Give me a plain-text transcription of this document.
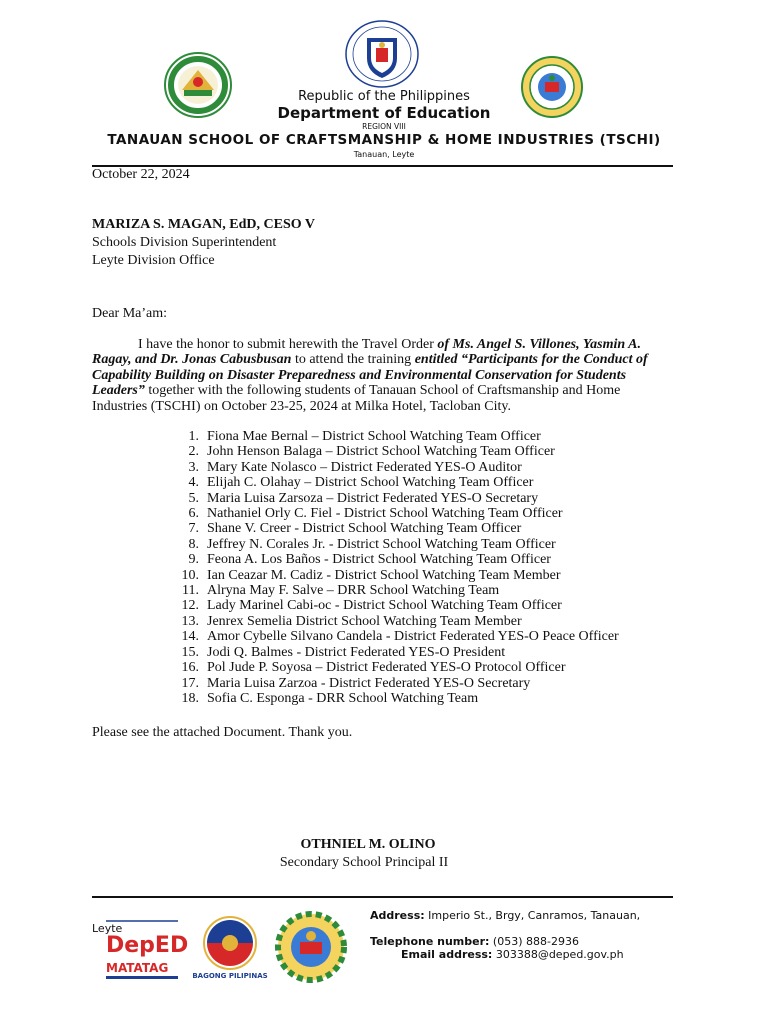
Republic of the Philippines
Department of Education
REGION VIII
TANAUAN SCHOOL OF CRAFTSMANSHIP & HOME INDUSTRIES (TSCHI)
Tanauan, Leyte
October 22, 2024
MARIZA S. MAGAN, EdD, CESO V
Schools Division Superintendent
Leyte Division Office
Dear Ma’am:
I have the honor to submit herewith the Travel Order of Ms. Angel S. Villones, Yasmin A. Ragay, and Dr. Jonas Cabusbusan to attend the training entitled “Participants for the Conduct of Capability Building on Disaster Preparedness and Environmental Conservation for Students Leaders” together with the following students of Tanauan School of Craftsmanship and Home Industries (TSCHI) on October 23-25, 2024 at Milka Hotel, Tacloban City.
1. Fiona Mae Bernal – District School Watching Team Officer
2. John Henson Balaga – District School Watching Team Officer
3. Mary Kate Nolasco – District Federated YES-O Auditor
4. Elijah C. Olahay – District School Watching Team Officer
5. Maria Luisa Zarsoza – District Federated YES-O Secretary
6. Nathaniel Orly C. Fiel - District School Watching Team Officer
7. Shane V. Creer - District School Watching Team Officer
8. Jeffrey N. Corales Jr. - District School Watching Team Officer
9. Feona A. Los Baños - District School Watching Team Officer
10. Ian Ceazar M. Cadiz - District School Watching Team Member
11. Alryna May F. Salve – DRR School Watching Team
12. Lady Marinel Cabi-oc - District School Watching Team Officer
13. Jenrex Semelia District School Watching Team Member
14. Amor Cybelle Silvano Candela - District Federated YES-O Peace Officer
15. Jodi Q. Balmes - District Federated YES-O President
16. Pol Jude P. Soyosa – District Federated YES-O Protocol Officer
17. Maria Luisa Zarzoa - District Federated YES-O Secretary
18. Sofia C. Esponga - DRR School Watching Team
Please see the attached Document. Thank you.
OTHNIEL M. OLINO
Secondary School Principal II
DepED
MATATAG
BAGONG PILIPINAS
Address: Imperio St., Brgy, Canramos, Tanauan,
Leyte
Telephone number: (053) 888-2936
Email address: 303388@deped.gov.ph
